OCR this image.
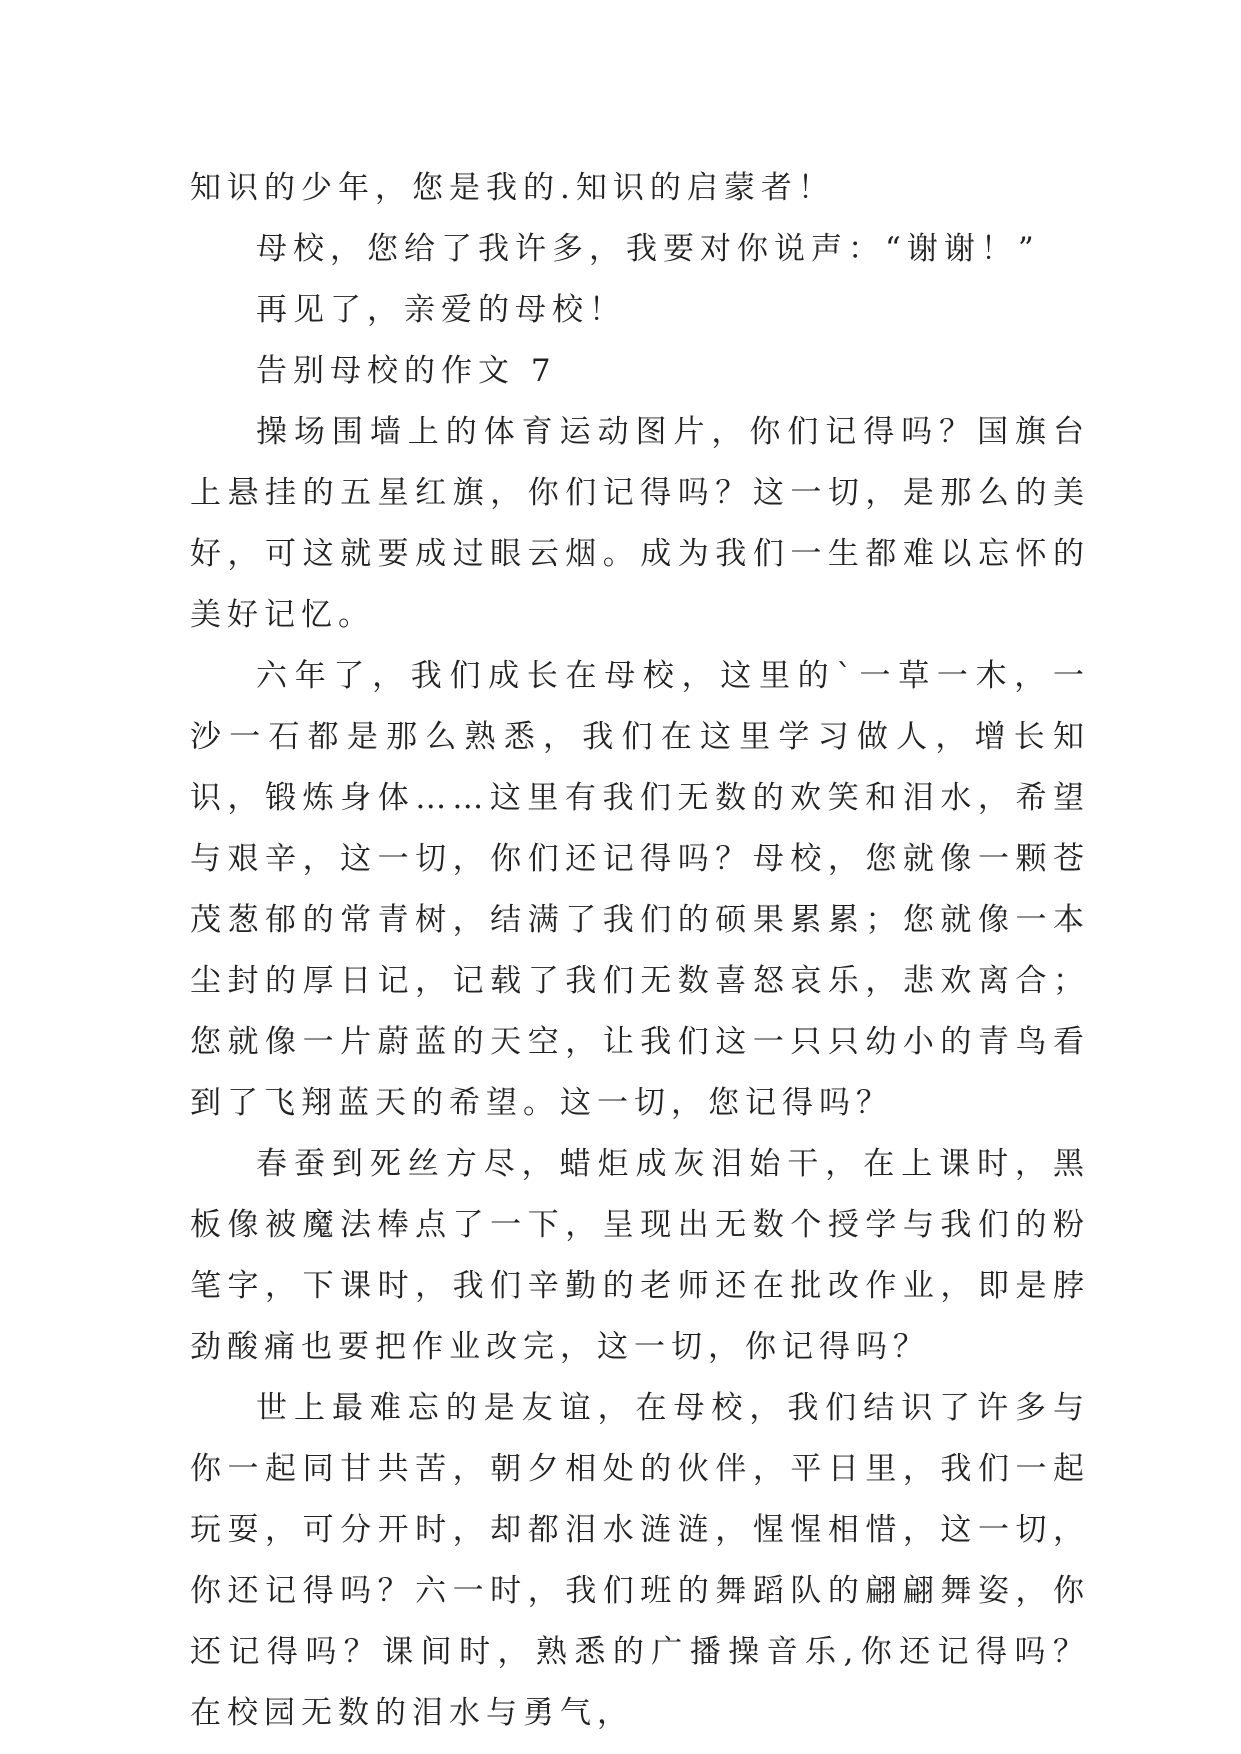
知识的少年，您是我的.知识的启蒙者！

母校，您给了我许多，我要对你说声：“谢谢！”

再见了，亲爱的母校！

告别母校的作文 7

操场围墙上的体育运动图片，你们记得吗？国旗台上悬挂的五星红旗，你们记得吗？这一切，是那么的美好，可这就要成过眼云烟。成为我们一生都难以忘怀的美好记忆。

六年了，我们成长在母校，这里的`一草一木，一沙一石都是那么熟悉，我们在这里学习做人，增长知识，锻炼身体……这里有我们无数的欢笑和泪水，希望与艰辛，这一切，你们还记得吗？母校，您就像一颗苍茂葱郁的常青树，结满了我们的硕果累累；您就像一本尘封的厚日记，记载了我们无数喜怒哀乐，悲欢离合；您就像一片蔚蓝的天空，让我们这一只只幼小的青鸟看到了飞翔蓝天的希望。这一切，您记得吗？

春蚕到死丝方尽，蜡炬成灰泪始干，在上课时，黑板像被魔法棒点了一下，呈现出无数个授学与我们的粉笔字，下课时，我们辛勤的老师还在批改作业，即是脖劲酸痛也要把作业改完，这一切，你记得吗？

世上最难忘的是友谊，在母校，我们结识了许多与你一起同甘共苦，朝夕相处的伙伴，平日里，我们一起玩耍，可分开时，却都泪水涟涟，惺惺相惜，这一切，你还记得吗？六一时，我们班的舞蹈队的翩翩舞姿，你还记得吗？课间时，熟悉的广播操音乐,你还记得吗？在校园无数的泪水与勇气，
